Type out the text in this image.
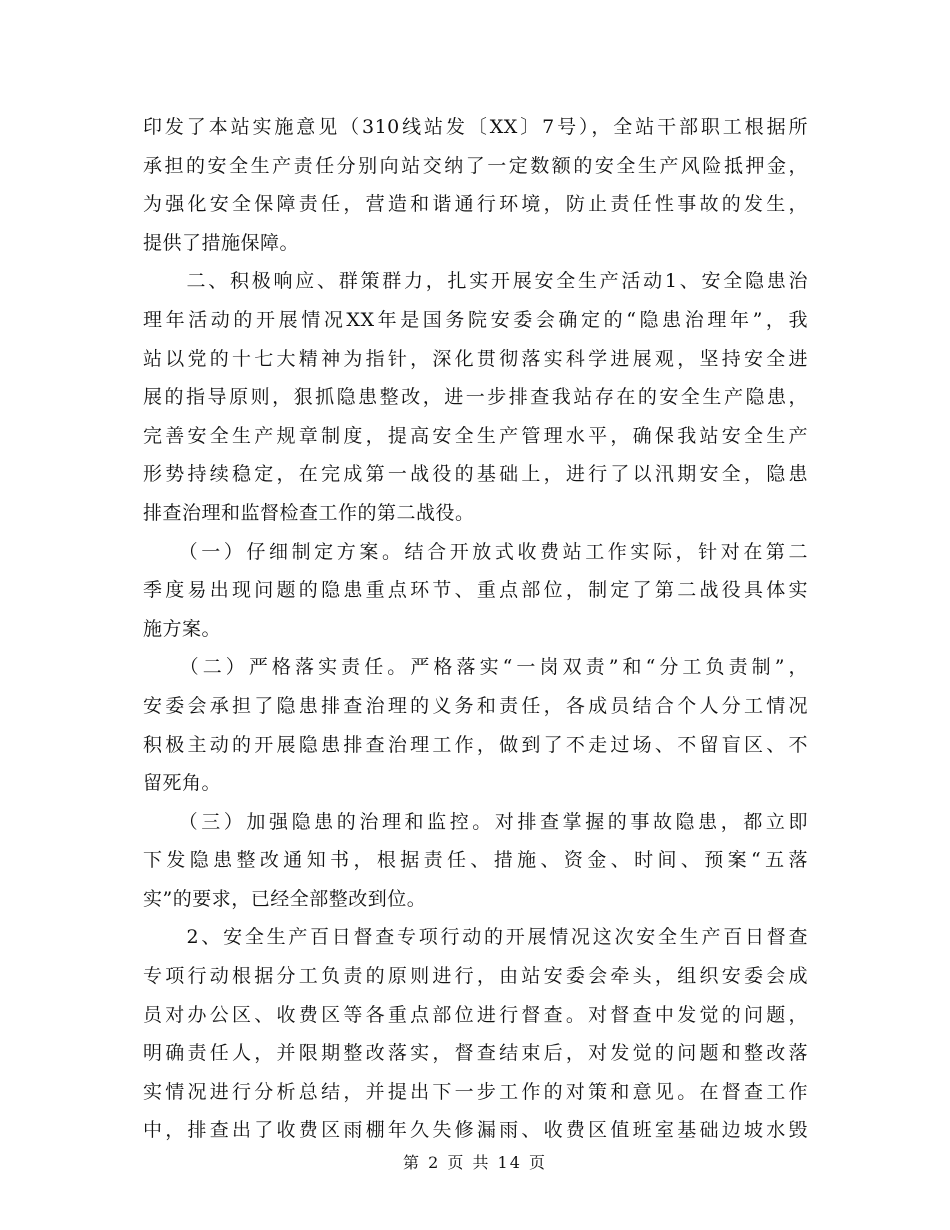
印发了本站实施意见（310线站发〔XX〕7号），全站干部职工根据所
承担的安全生产责任分别向站交纳了一定数额的安全生产风险抵押金，
为强化安全保障责任，营造和谐通行环境，防止责任性事故的发生，
提供了措施保障。
　　二、积极响应、群策群力，扎实开展安全生产活动1、安全隐患治
理年活动的开展情况XX年是国务院安委会确定的“隐患治理年”，我
站以党的十七大精神为指针，深化贯彻落实科学进展观，坚持安全进
展的指导原则，狠抓隐患整改，进一步排查我站存在的安全生产隐患，
完善安全生产规章制度，提高安全生产管理水平，确保我站安全生产
形势持续稳定，在完成第一战役的基础上，进行了以汛期安全，隐患
排查治理和监督检查工作的第二战役。
　　（一）仔细制定方案。结合开放式收费站工作实际，针对在第二
季度易出现问题的隐患重点环节、重点部位，制定了第二战役具体实
施方案。
　　（二）严格落实责任。严格落实“一岗双责”和“分工负责制”，
安委会承担了隐患排查治理的义务和责任，各成员结合个人分工情况
积极主动的开展隐患排查治理工作，做到了不走过场、不留盲区、不
留死角。
　　（三）加强隐患的治理和监控。对排查掌握的事故隐患，都立即
下发隐患整改通知书，根据责任、措施、资金、时间、预案“五落
实”的要求，已经全部整改到位。
　　2、安全生产百日督查专项行动的开展情况这次安全生产百日督查
专项行动根据分工负责的原则进行，由站安委会牵头，组织安委会成
员对办公区、收费区等各重点部位进行督查。对督查中发觉的问题，
明确责任人，并限期整改落实，督查结束后，对发觉的问题和整改落
实情况进行分析总结，并提出下一步工作的对策和意见。在督查工作
中，排查出了收费区雨棚年久失修漏雨、收费区值班室基础边坡水毁
第 2 页 共 14 页
